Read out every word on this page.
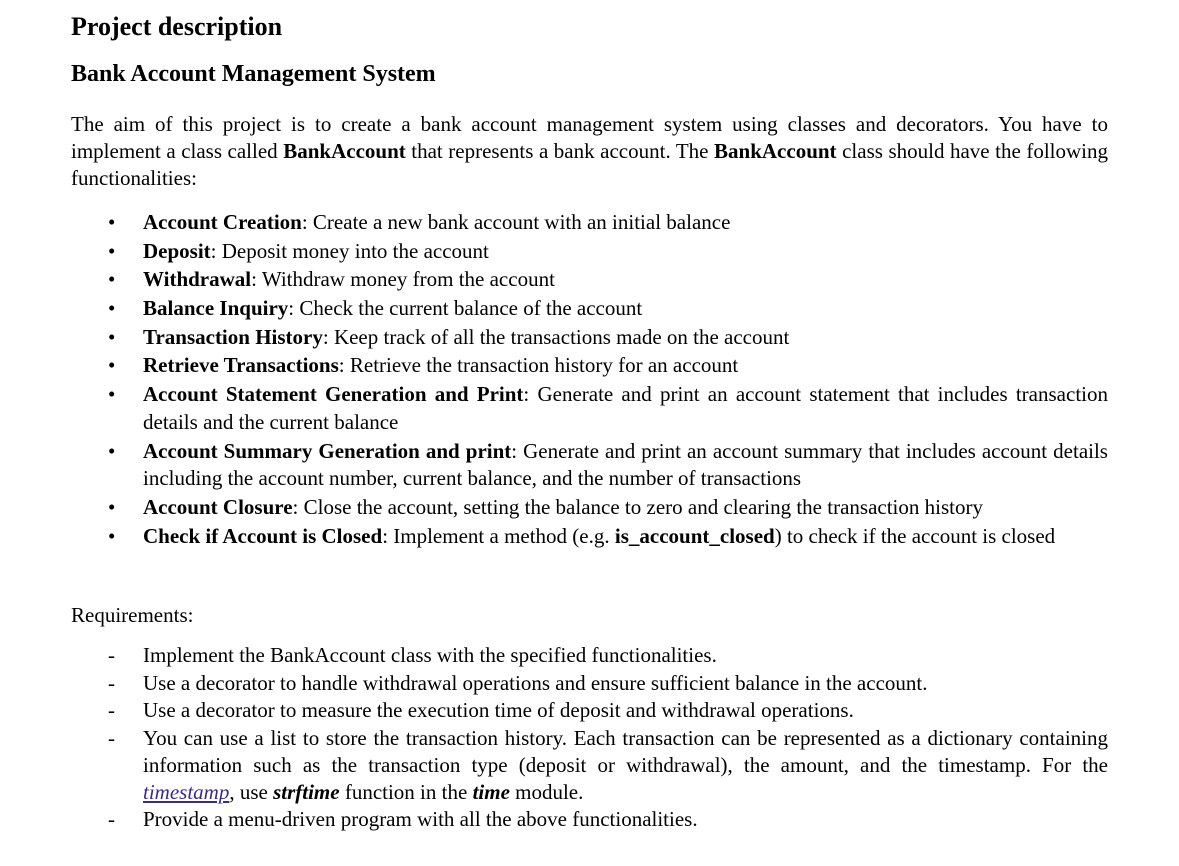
Project description
Bank Account Management System

The aim of this project is to create a bank account management system using classes and decorators. You have to implement a class called BankAccount that represents a bank account. The BankAccount class should have the following functionalities:

• Account Creation: Create a new bank account with an initial balance
• Deposit: Deposit money into the account
• Withdrawal: Withdraw money from the account
• Balance Inquiry: Check the current balance of the account
• Transaction History: Keep track of all the transactions made on the account
• Retrieve Transactions: Retrieve the transaction history for an account
• Account Statement Generation and Print: Generate and print an account statement that includes transaction details and the current balance
• Account Summary Generation and print: Generate and print an account summary that includes account details including the account number, current balance, and the number of transactions
• Account Closure: Close the account, setting the balance to zero and clearing the transaction history
• Check if Account is Closed: Implement a method (e.g. is_account_closed) to check if the account is closed

Requirements:

- Implement the BankAccount class with the specified functionalities.
- Use a decorator to handle withdrawal operations and ensure sufficient balance in the account.
- Use a decorator to measure the execution time of deposit and withdrawal operations.
- You can use a list to store the transaction history. Each transaction can be represented as a dictionary containing information such as the transaction type (deposit or withdrawal), the amount, and the timestamp. For the timestamp, use strftime function in the time module.
- Provide a menu-driven program with all the above functionalities.
